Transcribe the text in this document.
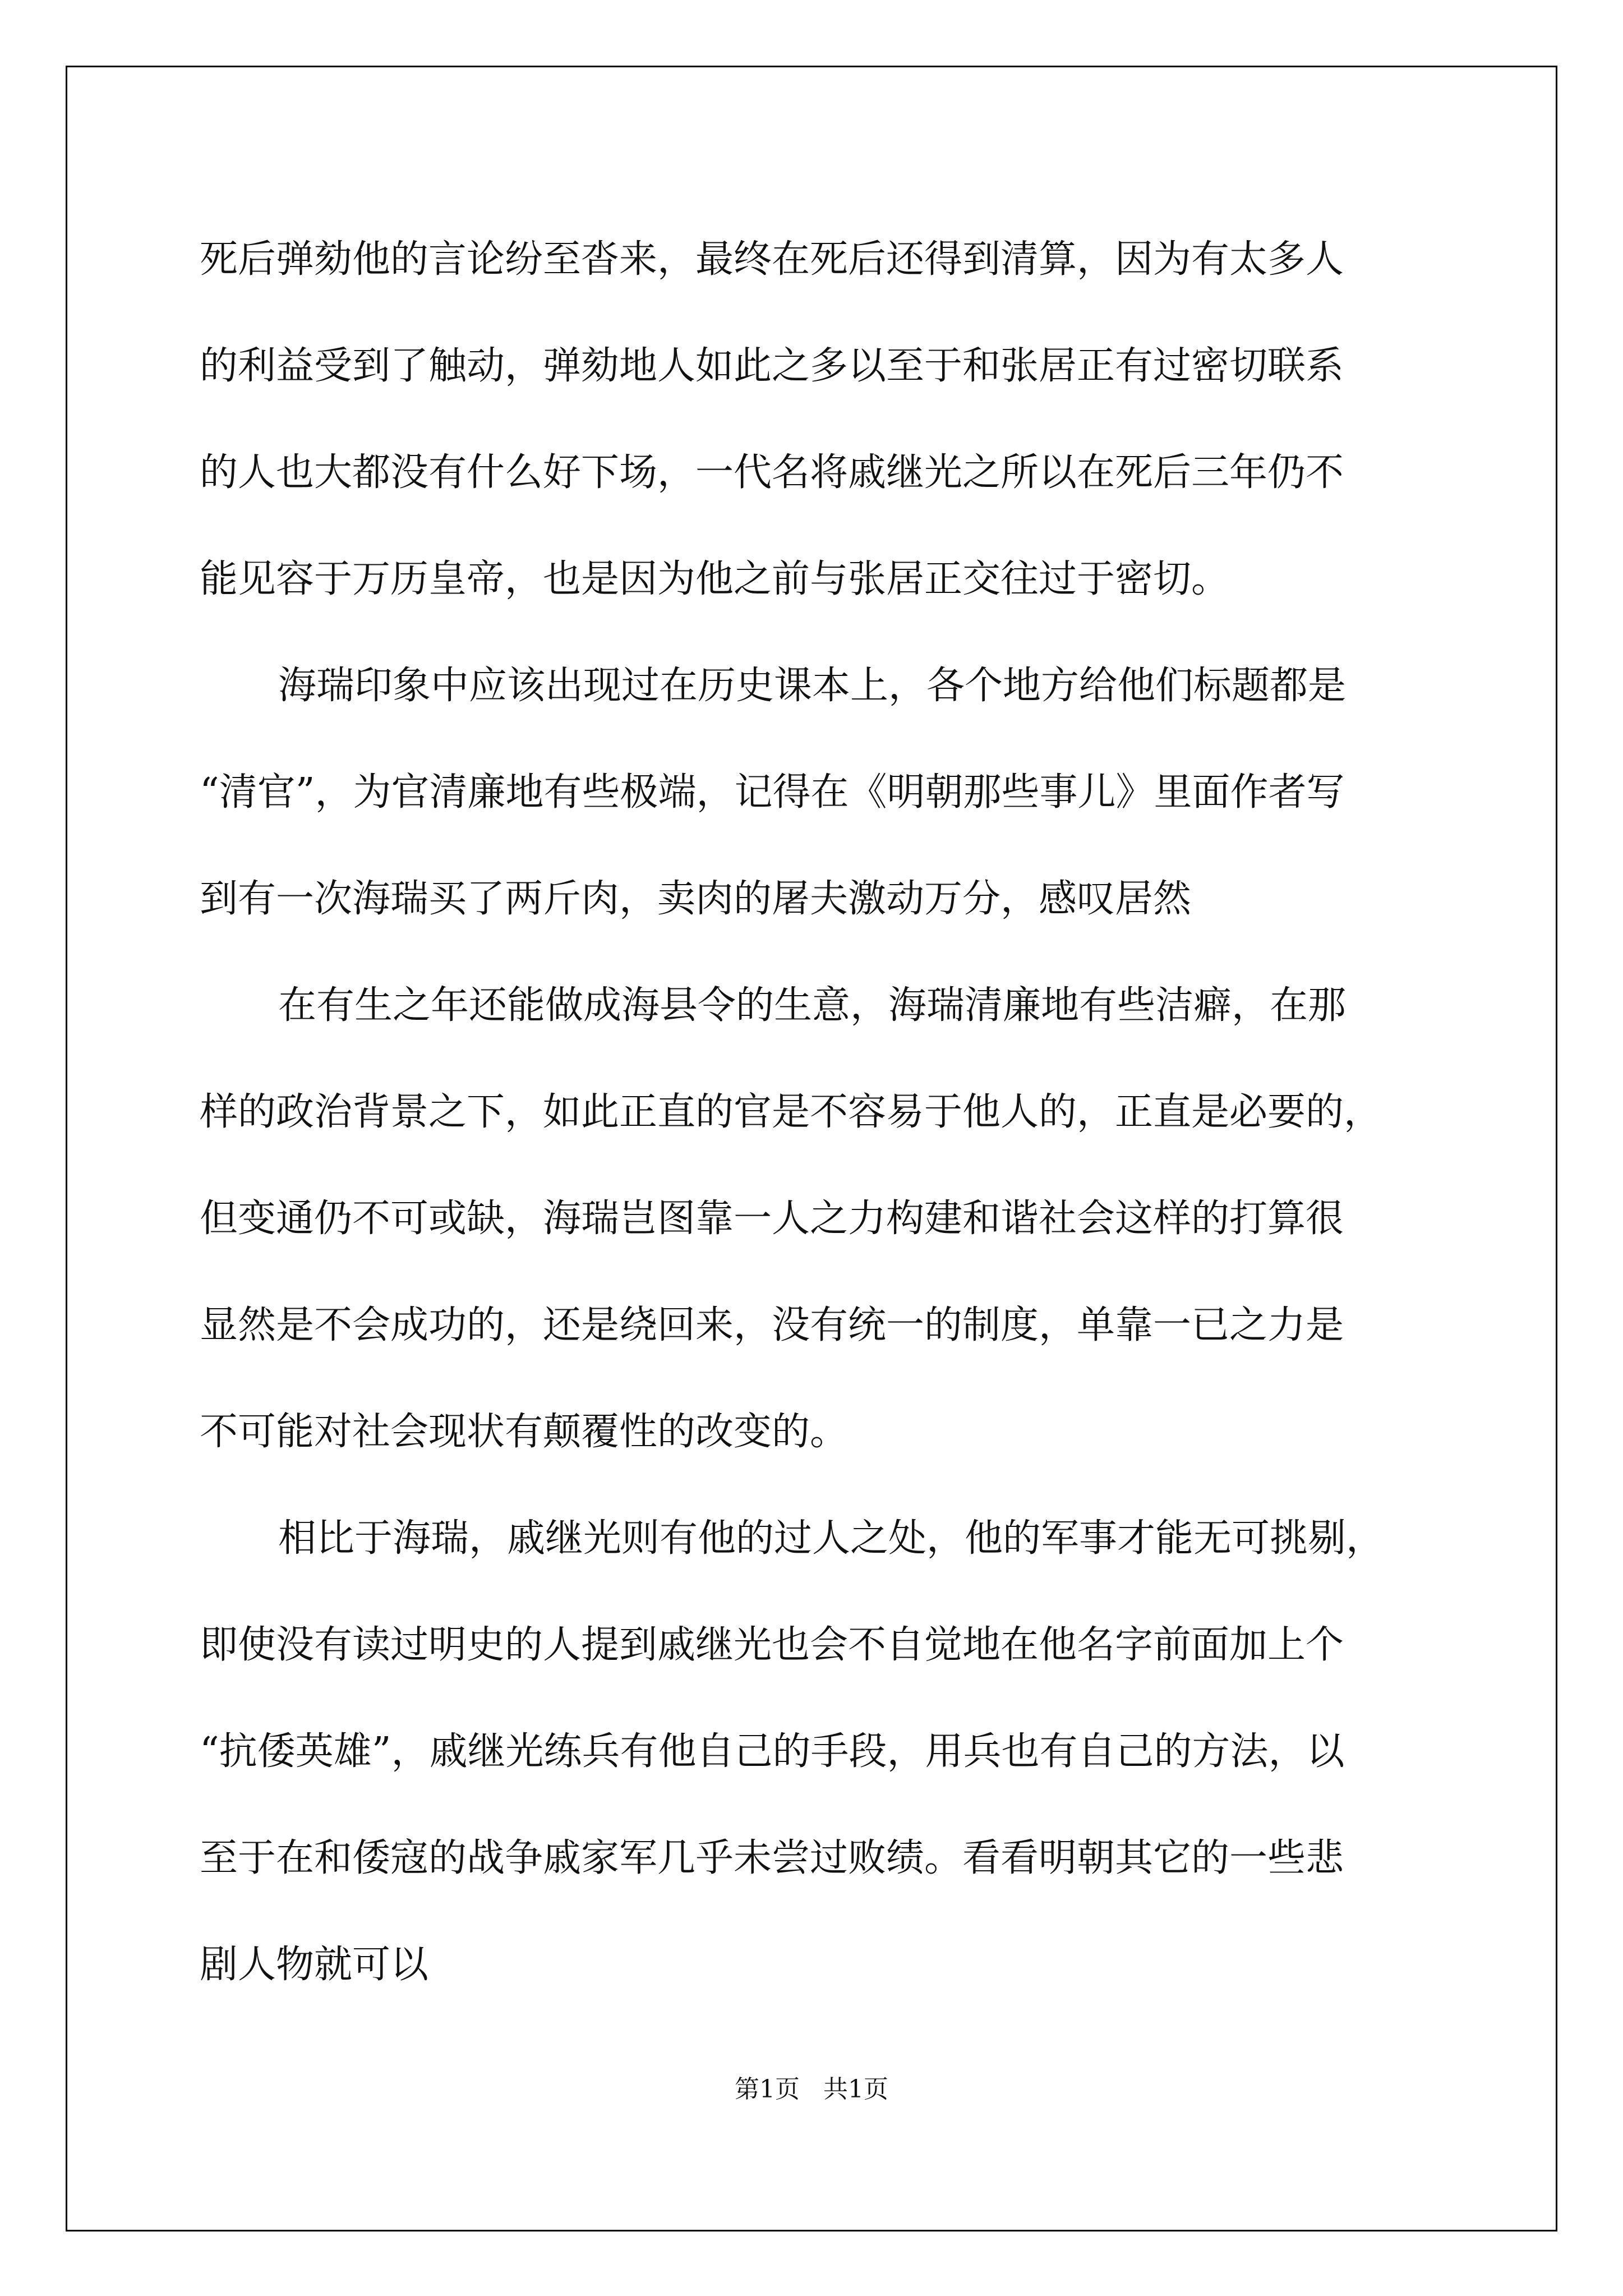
死后弹劾他的言论纷至沓来，最终在死后还得到清算，因为有太多人
的利益受到了触动，弹劾地人如此之多以至于和张居正有过密切联系
的人也大都没有什么好下场，一代名将戚继光之所以在死后三年仍不
能见容于万历皇帝，也是因为他之前与张居正交往过于密切。

海瑞印象中应该出现过在历史课本上，各个地方给他们标题都是
“清官”，为官清廉地有些极端，记得在《明朝那些事儿》里面作者写
到有一次海瑞买了两斤肉，卖肉的屠夫激动万分，感叹居然

在有生之年还能做成海县令的生意，海瑞清廉地有些洁癖，在那
样的政治背景之下，如此正直的官是不容易于他人的，正直是必要的，
但变通仍不可或缺，海瑞岂图靠一人之力构建和谐社会这样的打算很
显然是不会成功的，还是绕回来，没有统一的制度，单靠一已之力是
不可能对社会现状有颠覆性的改变的。

相比于海瑞，戚继光则有他的过人之处，他的军事才能无可挑剔，
即使没有读过明史的人提到戚继光也会不自觉地在他名字前面加上个
“抗倭英雄”，戚继光练兵有他自己的手段，用兵也有自己的方法，以
至于在和倭寇的战争戚家军几乎未尝过败绩。看看明朝其它的一些悲
剧人物就可以

第1页   共1页
